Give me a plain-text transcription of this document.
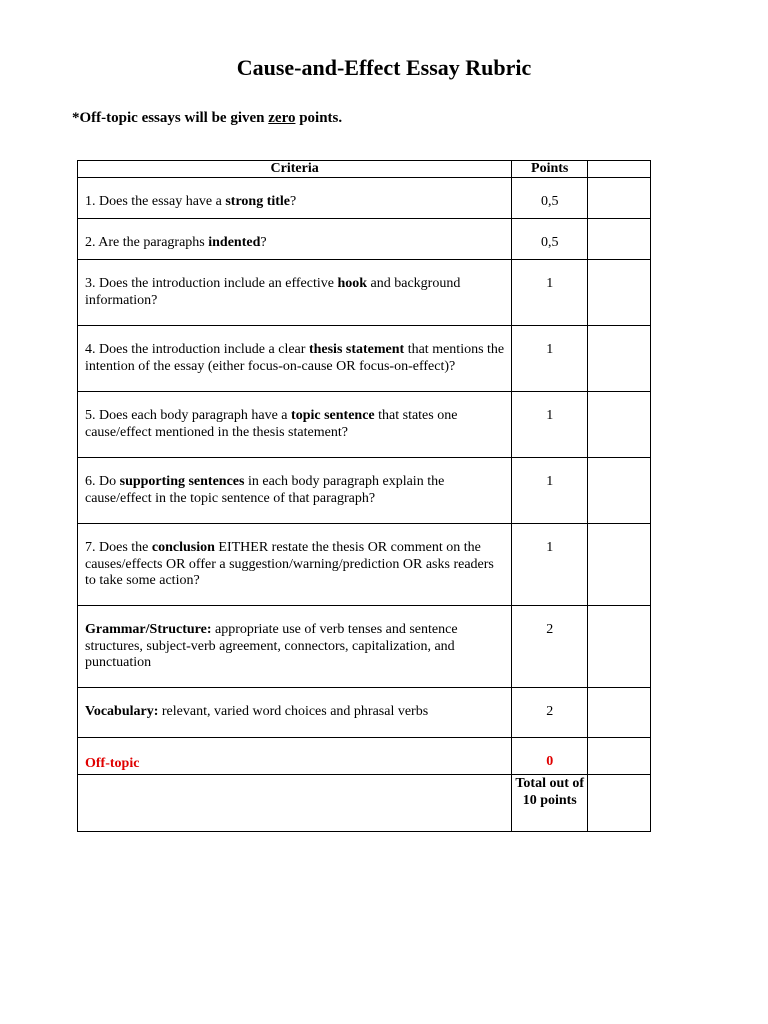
Cause-and-Effect Essay Rubric
*Off-topic essays will be given zero points.
Criteria	Points	
1. Does the essay have a strong title?	0,5	
2. Are the paragraphs indented?	0,5	
3. Does the introduction include an effective hook and background information?	1	
4. Does the introduction include a clear thesis statement that mentions the intention of the essay (either focus-on-cause OR focus-on-effect)?	1	
5. Does each body paragraph have a topic sentence that states one cause/effect mentioned in the thesis statement?	1	
6. Do supporting sentences in each body paragraph explain the cause/effect in the topic sentence of that paragraph?	1	
7. Does the conclusion EITHER restate the thesis OR comment on the causes/effects OR offer a suggestion/warning/prediction OR asks readers to take some action?	1	
Grammar/Structure: appropriate use of verb tenses and sentence structures, subject-verb agreement, connectors, capitalization, and punctuation	2	
Vocabulary: relevant, varied word choices and phrasal verbs	2	
Off-topic	0	
	Total out of 10 points	
